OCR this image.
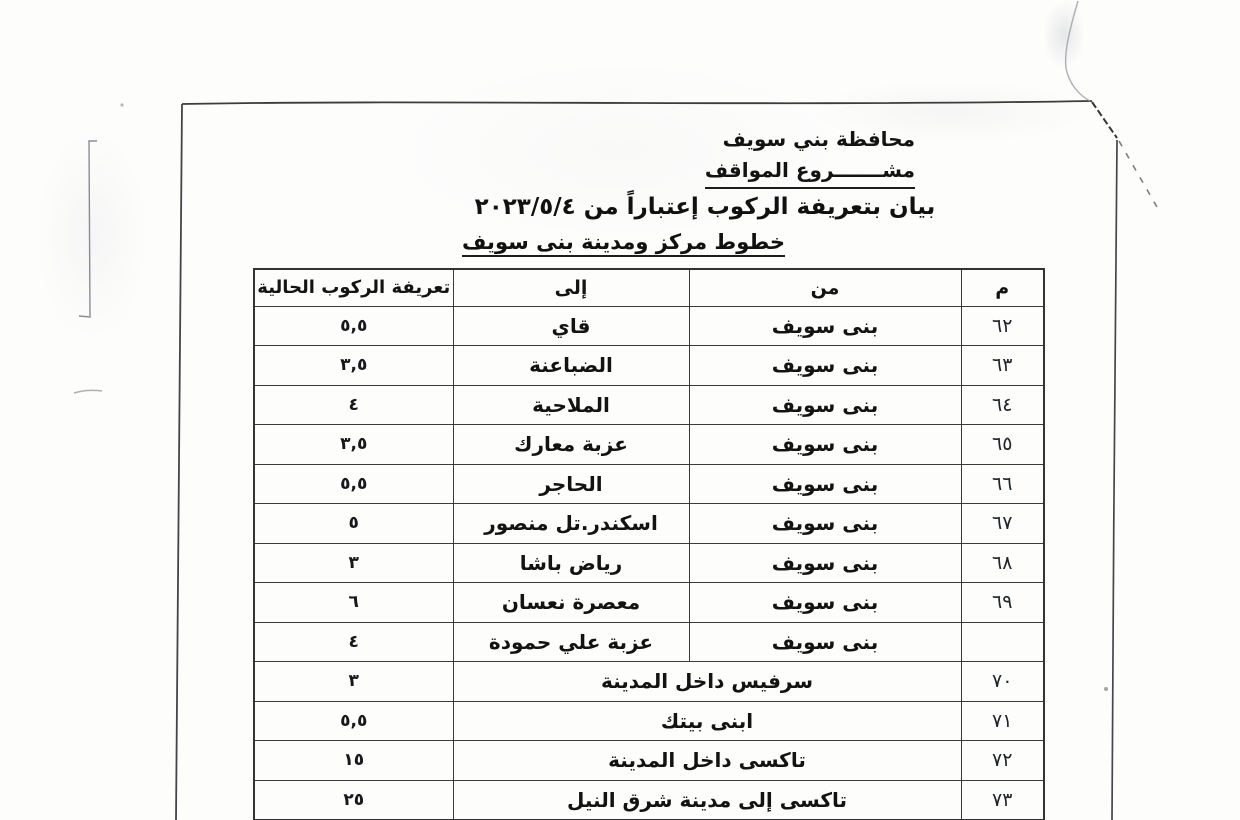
محافظة بني سويف
مشـــــــروع المواقف
بيان بتعريفة الركوب إعتباراً من ٢٠٢٣/٥/٤
خطوط مركز ومدينة بنى سويف
م	من	إلى	تعريفة الركوب الحالية
٦٢	بنى سويف	قاي	٥,٥
٦٣	بنى سويف	الضباعنة	٣,٥
٦٤	بنى سويف	الملاحية	٤
٦٥	بنى سويف	عزبة معارك	٣,٥
٦٦	بنى سويف	الحاجر	٥,٥
٦٧	بنى سويف	اسكندر.تل منصور	٥
٦٨	بنى سويف	رياض باشا	٣
٦٩	بنى سويف	معصرة نعسان	٦
	بنى سويف	عزبة علي حمودة	٤
٧٠	سرفيس داخل المدينة		٣
٧١	ابنى بيتك		٥,٥
٧٢	تاكسى داخل المدينة		١٥
٧٣	تاكسى إلى مدينة شرق النيل		٢٥
